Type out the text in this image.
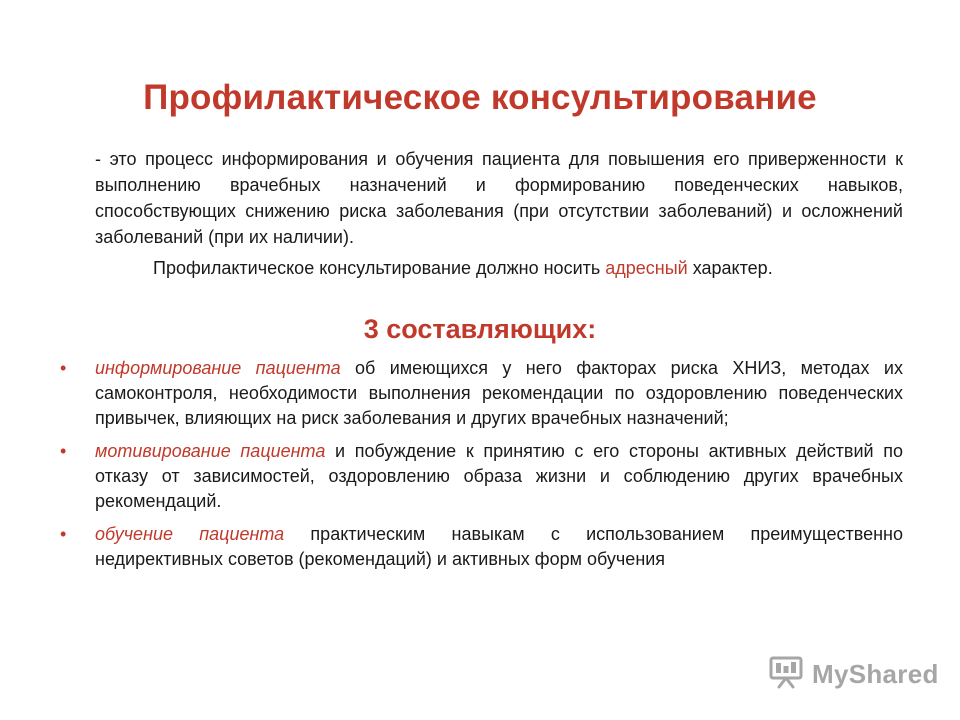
Профилактическое консультирование
- это процесс информирования и обучения пациента для повышения его приверженности к выполнению врачебных назначений и формированию поведенческих навыков, способствующих снижению риска заболевания (при отсутствии заболеваний) и осложнений заболеваний (при их наличии).
Профилактическое консультирование должно носить адресный характер.
3 составляющих:
• информирование пациента об имеющихся у него факторах риска ХНИЗ, методах их самоконтроля, необходимости выполнения рекомендации по оздоровлению поведенческих привычек, влияющих на риск заболевания и других врачебных назначений;
• мотивирование пациента и побуждение к принятию с его стороны активных действий по отказу от зависимостей, оздоровлению образа жизни и соблюдению других врачебных рекомендаций.
• обучение пациента практическим навыкам с использованием преимущественно недирективных советов (рекомендаций) и активных форм обучения
MyShared
